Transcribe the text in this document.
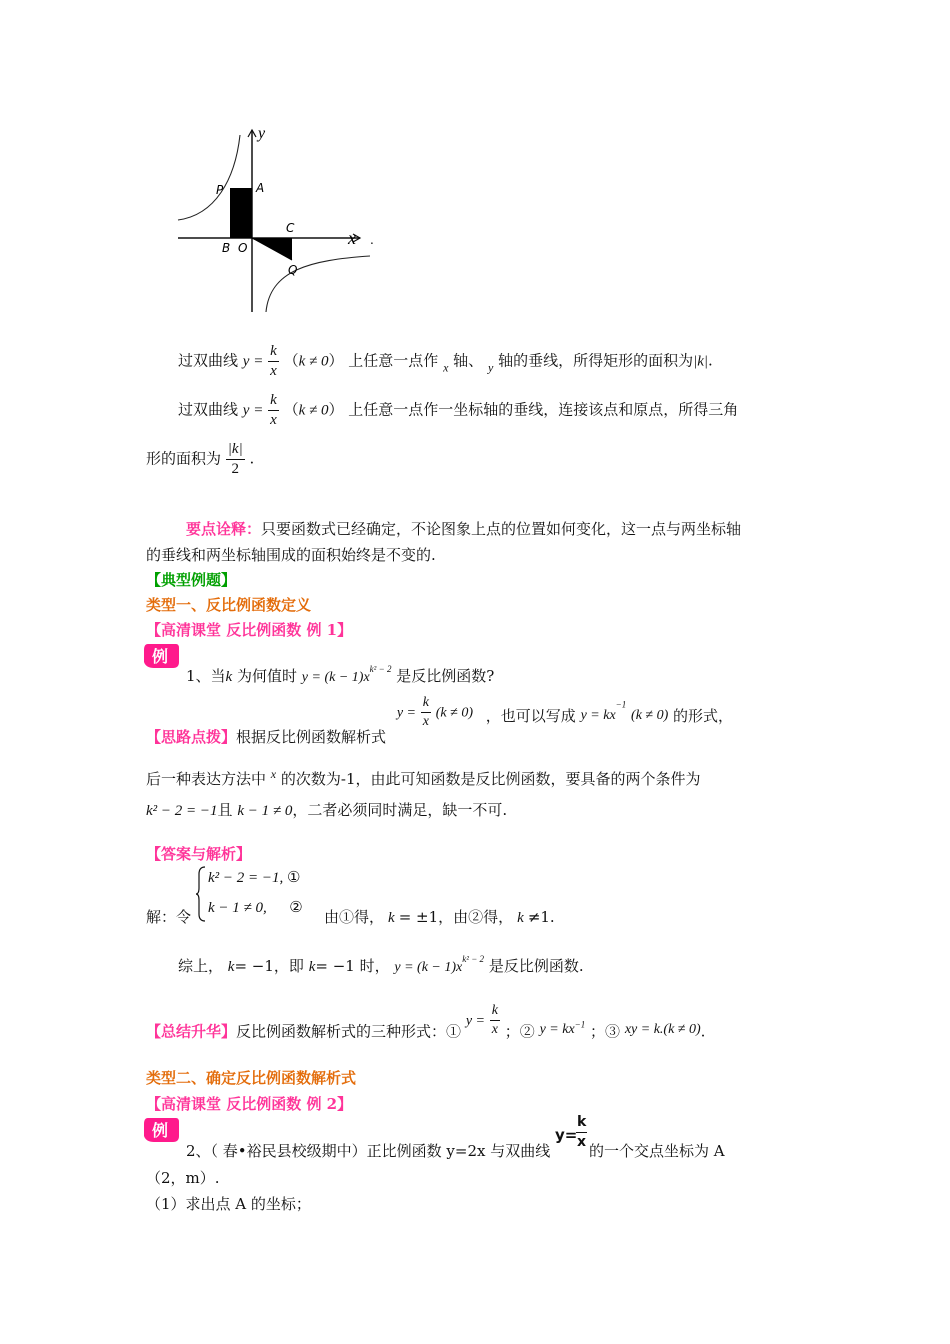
y
x .
P	A
B O
C
Q
过双曲线 $y = \frac{k}{x} (k \ne 0)$ 上任意一点作 $_x$ 轴、 $_y$ 轴的垂线，所得矩形的面积为|k|.
过双曲线 $y = \frac{k}{x} (k \ne 0)$ 上任意一点作一坐标轴的垂线，连接该点和原点，所得三角
形的面积为 $\frac{|k|}{2}$ .
要点诠释：只要函数式已经确定，不论图象上点的位置如何变化，这一点与两坐标轴
的垂线和两坐标轴围成的面积始终是不变的.
【典型例题】
类型一、反比例函数定义
【高清课堂 反比例函数 例 1】
例
1、当k 为何值时 $y = (k - 1)x^{k^2 - 2}$ 是反比例函数?
【思路点拨】根据反比例函数解析式 $y = \frac{k}{x} (k \ne 0)$ ，也可以写成 $y = kx^{-1}$ (k ≠ 0) 的形式，
后一种表达方法中 $^x$ 的次数为-1，由此可知函数是反比例函数，要具备的两个条件为
k² − 2 = −1且 k − 1 ≠ 0，二者必须同时满足，缺一不可.
【答案与解析】
k² − 2 = −1, ①
k − 1 ≠ 0, ②
解：令	由①得， k = ±1，由②得， k ≠1.
综上， k= −1，即 k= −1 时， $y = (k - 1)x^{k^2 - 2}$ 是反比例函数.
【总结升华】反比例函数解析式的三种形式：① $y = \frac{k}{x}$ ；② $y = kx^{-1}$ ；③ xy = k.(k ≠ 0).
类型二、确定反比例函数解析式
【高清课堂 反比例函数 例 2】
例
2、（ 春•裕民县校级期中）正比例函数 y=2x 与双曲线
y=
k
x 的一个交点坐标为 A
（2，m）.
（1）求出点 A 的坐标；
